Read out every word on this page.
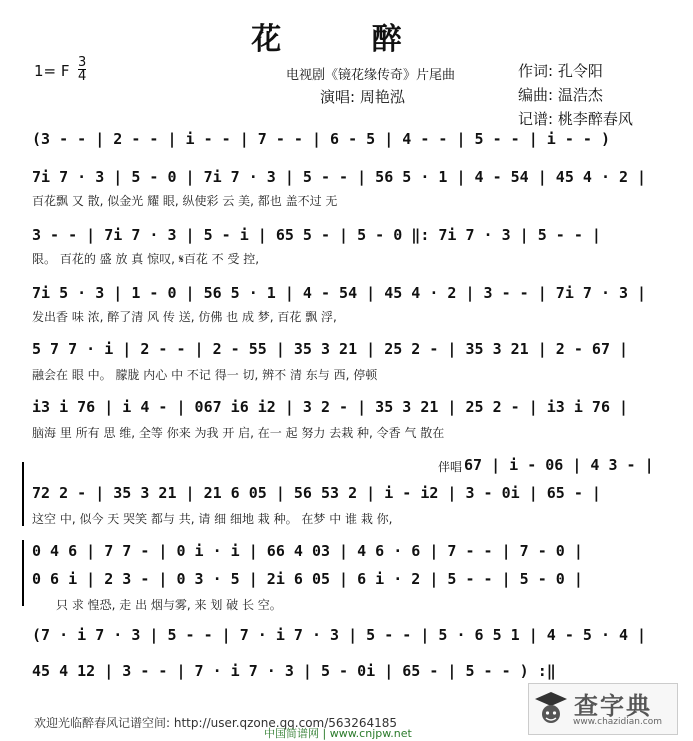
花 醉
1= F 3
4	电视剧《镜花缘传奇》片尾曲
演唱: 周艳泓
作词: 孔令阳
编曲: 温浩杰
记谱: 桃李醉春风
(3 - - | 2 - - | i - - | 7 - - | 6 - 5 | 4 - - | 5 - - | i - - )
7i 7 · 3 | 5 - 0 | 7i 7 · 3 | 5 - - | 56 5 · 1 | 4 - 54 | 45 4 · 2 |
百花飘 又 散, 似金光 耀 眼, 纵使彩 云 美, 都也 盖不过 无
3 - - | 7i 7 · 3 | 5 - i | 65 5 - | 5 - 0 ‖: 7i 7 · 3 | 5 - - |
限。 百花的 盛 放 真 惊叹, 𝄋百花 不 受 控,
7i 5 · 3 | 1 - 0 | 56 5 · 1 | 4 - 54 | 45 4 · 2 | 3 - - | 7i 7 · 3 |
发出香 味 浓, 醉了清 风 传 送, 仿佛 也 成 梦, 百花 飘 浮,
5 7 7 · i | 2 - - | 2 - 55 | 35 3 21 | 25 2 - | 35 3 21 | 2 - 67 |
融会在 眼 中。 朦胧 内心 中 不记 得一 切, 辨不 清 东与 西, 停顿
i3 i 76 | i 4 - | 067 i6 i2 | 3 2 - | 35 3 21 | 25 2 - | i3 i 76 |
脑海 里 所有 思 维, 全等 你来 为我 开 启, 在一 起 努力 去栽 种, 令香 气 散在
伴唱 67 | i - 06 | 4 3 - |
72 2 - | 35 3 21 | 21 6 05 | 56 53 2 | i - i2 | 3 - 0i | 65 - |
这空 中, 似今 天 哭笑 都与 共, 请 细 细地 栽 种。 在梦 中 谁 栽 你,
0 4 6 | 7 7 - | 0 i · i | 66 4 03 | 4 6 · 6 | 7 - - | 7 - 0 |
0 6 i | 2 3 - | 0 3 · 5 | 2i 6 05 | 6 i · 2 | 5 - - | 5 - 0 |
只 求 惶恐, 走 出 烟与雾, 来 划 破 长 空。
(7 · i 7 · 3 | 5 - - | 7 · i 7 · 3 | 5 - - | 5 · 6 5 1 | 4 - 5 · 4 |
45 4 12 | 3 - - | 7 · i 7 · 3 | 5 - 0i | 65 - | 5 - - ) :‖
欢迎光临醉春风记谱空间: http://user.qzone.qq.com/563264185
中国简谱网 | www.cnjpw.net
查字典
www.chazidian.com
